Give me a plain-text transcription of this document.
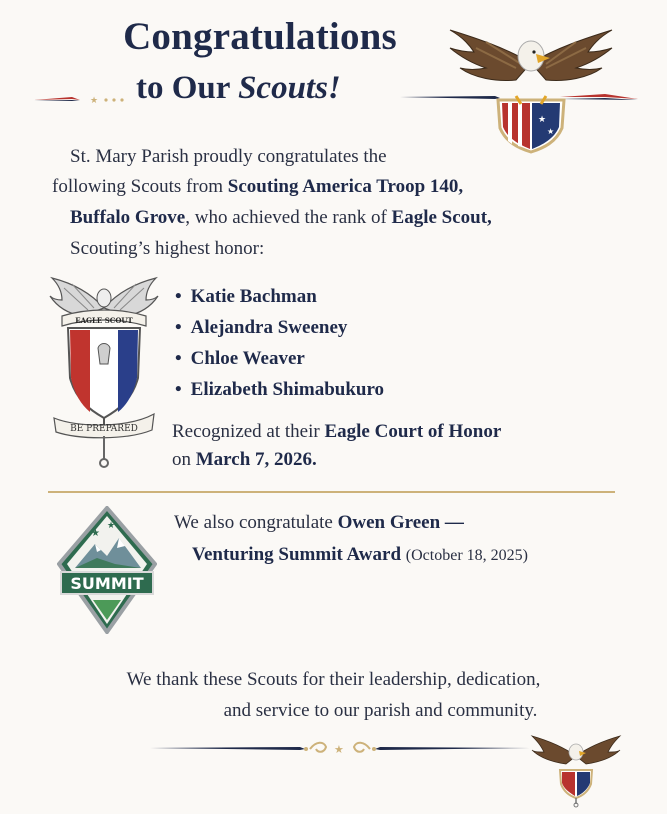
Congratulations
to Our Scouts!
★
★
★
St. Mary Parish proudly congratulates the
following Scouts from Scouting America Troop 140,
Buffalo Grove, who achieved the rank of Eagle Scout,
Scouting’s highest honor:
EAGLE SCOUT
BE PREPARED
• Katie Bachman
• Alejandra Sweeney
• Chloe Weaver
• Elizabeth Shimabukuro
Recognized at their Eagle Court of Honor
on March 7, 2026.
★
★
SUMMIT
We also congratulate Owen Green —
Venturing Summit Award (October 18, 2025)
We thank these Scouts for their leadership, dedication,
and service to our parish and community.
★
